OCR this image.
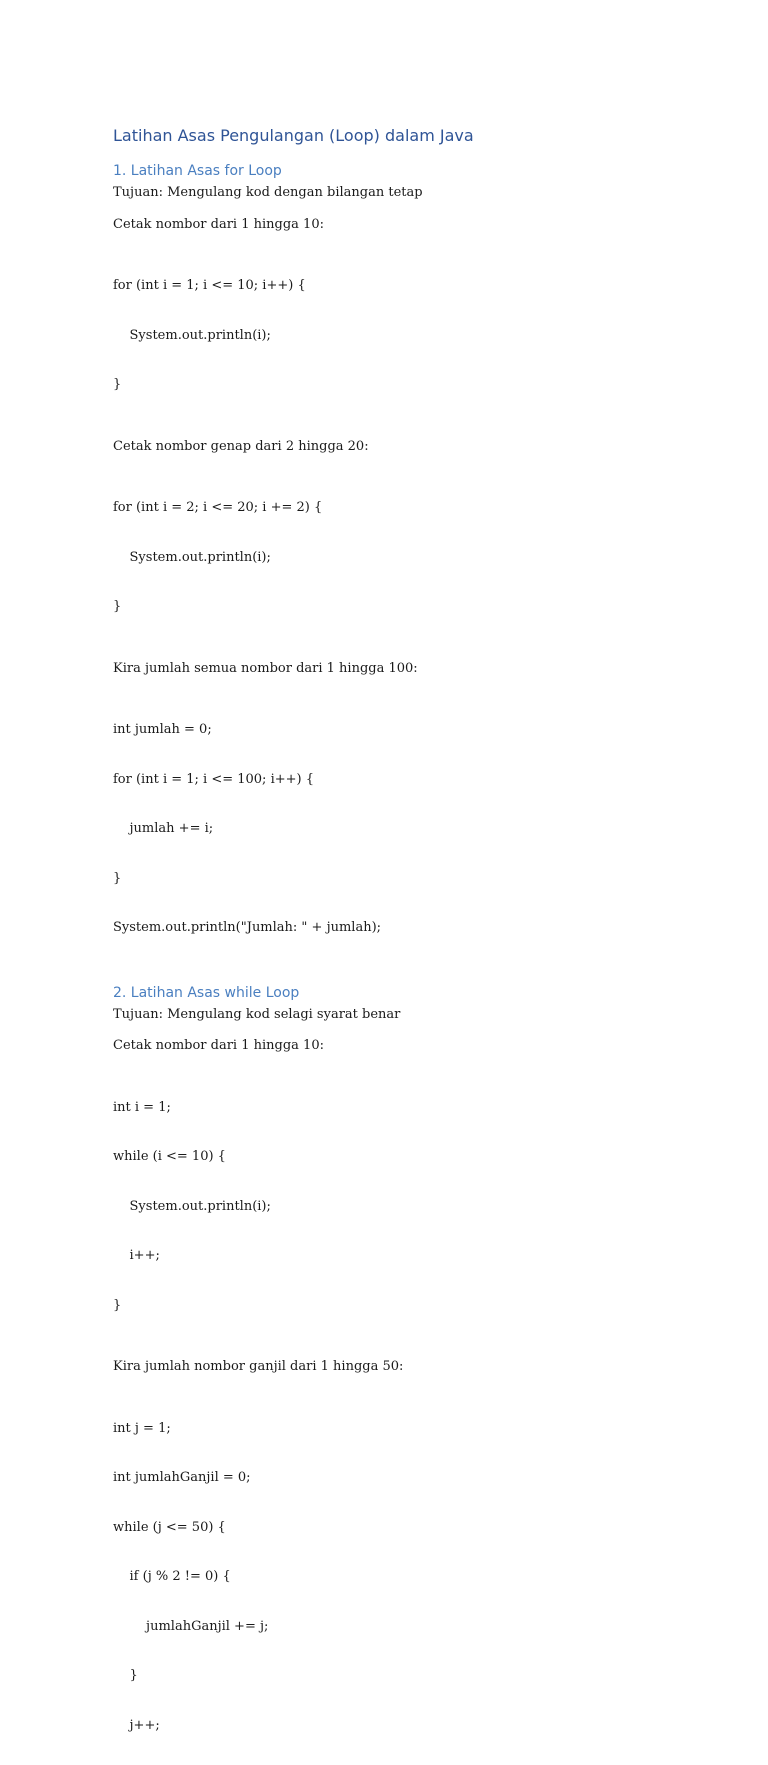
Latihan Asas Pengulangan (Loop) dalam Java
1. Latihan Asas for Loop
Tujuan: Mengulang kod dengan bilangan tetap
Cetak nombor dari 1 hingga 10:

for (int i = 1; i <= 10; i++) {

System.out.println(i);

}

Cetak nombor genap dari 2 hingga 20:

for (int i = 2; i <= 20; i += 2) {

System.out.println(i);

}

Kira jumlah semua nombor dari 1 hingga 100:

int jumlah = 0;

for (int i = 1; i <= 100; i++) {

jumlah += i;

}

System.out.println("Jumlah: " + jumlah);

2. Latihan Asas while Loop
Tujuan: Mengulang kod selagi syarat benar
Cetak nombor dari 1 hingga 10:

int i = 1;

while (i <= 10) {

System.out.println(i);

i++;

}

Kira jumlah nombor ganjil dari 1 hingga 50:

int j = 1;

int jumlahGanjil = 0;

while (j <= 50) {

if (j % 2 != 0) {

jumlahGanjil += j;

}

j++;
